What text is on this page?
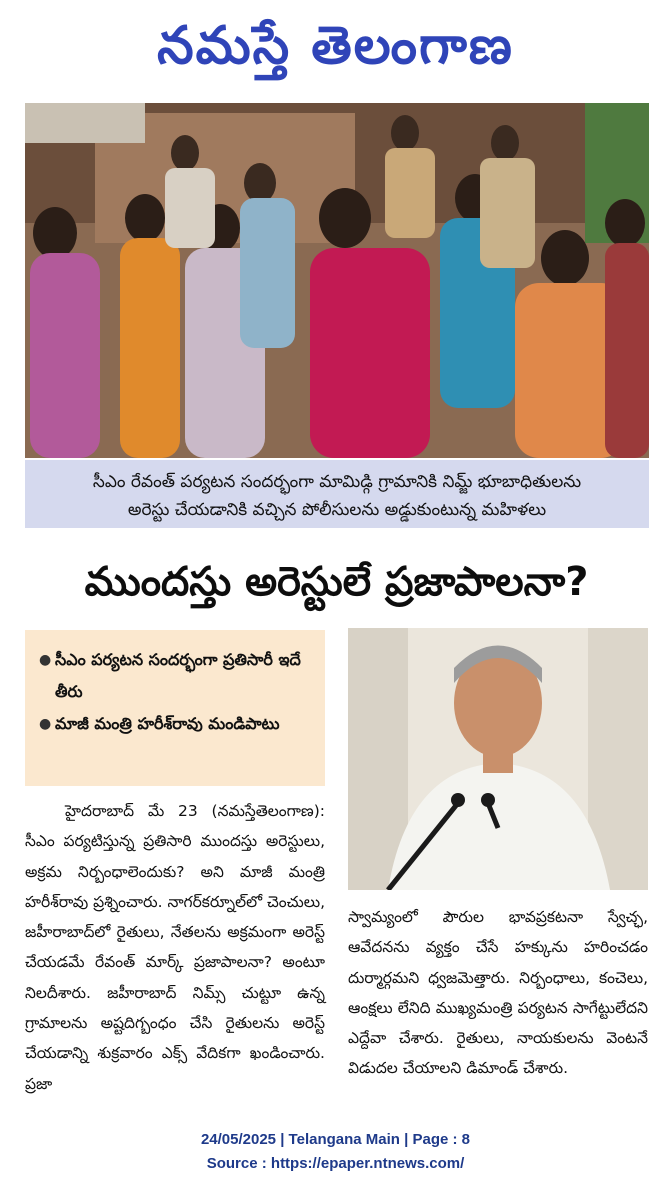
నమస్తే తెలంగాణ
సీఎం రేవంత్ పర్యటన సందర్భంగా మామిడ్గి గ్రామానికి నిమ్జ్ భూబాధితులను
అరెస్టు చేయడానికి వచ్చిన పోలీసులను అడ్డుకుంటున్న మహిళలు
ముందస్తు అరెస్టులే ప్రజాపాలనా?
● సీఎం పర్యటన సందర్భంగా ప్రతిసారీ ఇదే తీరు
● మాజీ మంత్రి హరీశ్‌రావు మండిపాటు
హైదరాబాద్ మే 23 (నమస్తేతెలంగాణ): సీఎం పర్యటిస్తున్న ప్రతిసారి ముందస్తు అరెస్టులు, అక్రమ నిర్బంధాలెందుకు? అని మాజీ మంత్రి హరీశ్‌రావు ప్రశ్నించారు. నాగర్‌కర్నూల్‌లో చెంచులు, జహీరాబాద్‌లో రైతులు, నేతలను అక్రమంగా అరెస్ట్ చేయడమే రేవంత్ మార్క్ ప్రజాపాలనా? అంటూ నిలదీశారు. జహీరాబాద్ నిమ్స్ చుట్టూ ఉన్న గ్రామాలను అష్టదిగ్బంధం చేసి రైతులను అరెస్ట్ చేయడాన్ని శుక్రవారం ఎక్స్ వేదికగా ఖండించారు. ప్రజా
స్వామ్యంలో పౌరుల భావప్రకటనా స్వేచ్ఛ, ఆవేదనను వ్యక్తం చేసే హక్కును హరించడం దుర్మార్గమని ధ్వజమెత్తారు. నిర్బంధాలు, కంచెలు, ఆంక్షలు లేనిది ముఖ్యమంత్రి పర్యటన సాగేట్టులేదని ఎద్దేవా చేశారు. రైతులు, నాయకులను వెంటనే విడుదల చేయాలని డిమాండ్ చేశారు.
24/05/2025 | Telangana Main | Page : 8
Source : https://epaper.ntnews.com/
